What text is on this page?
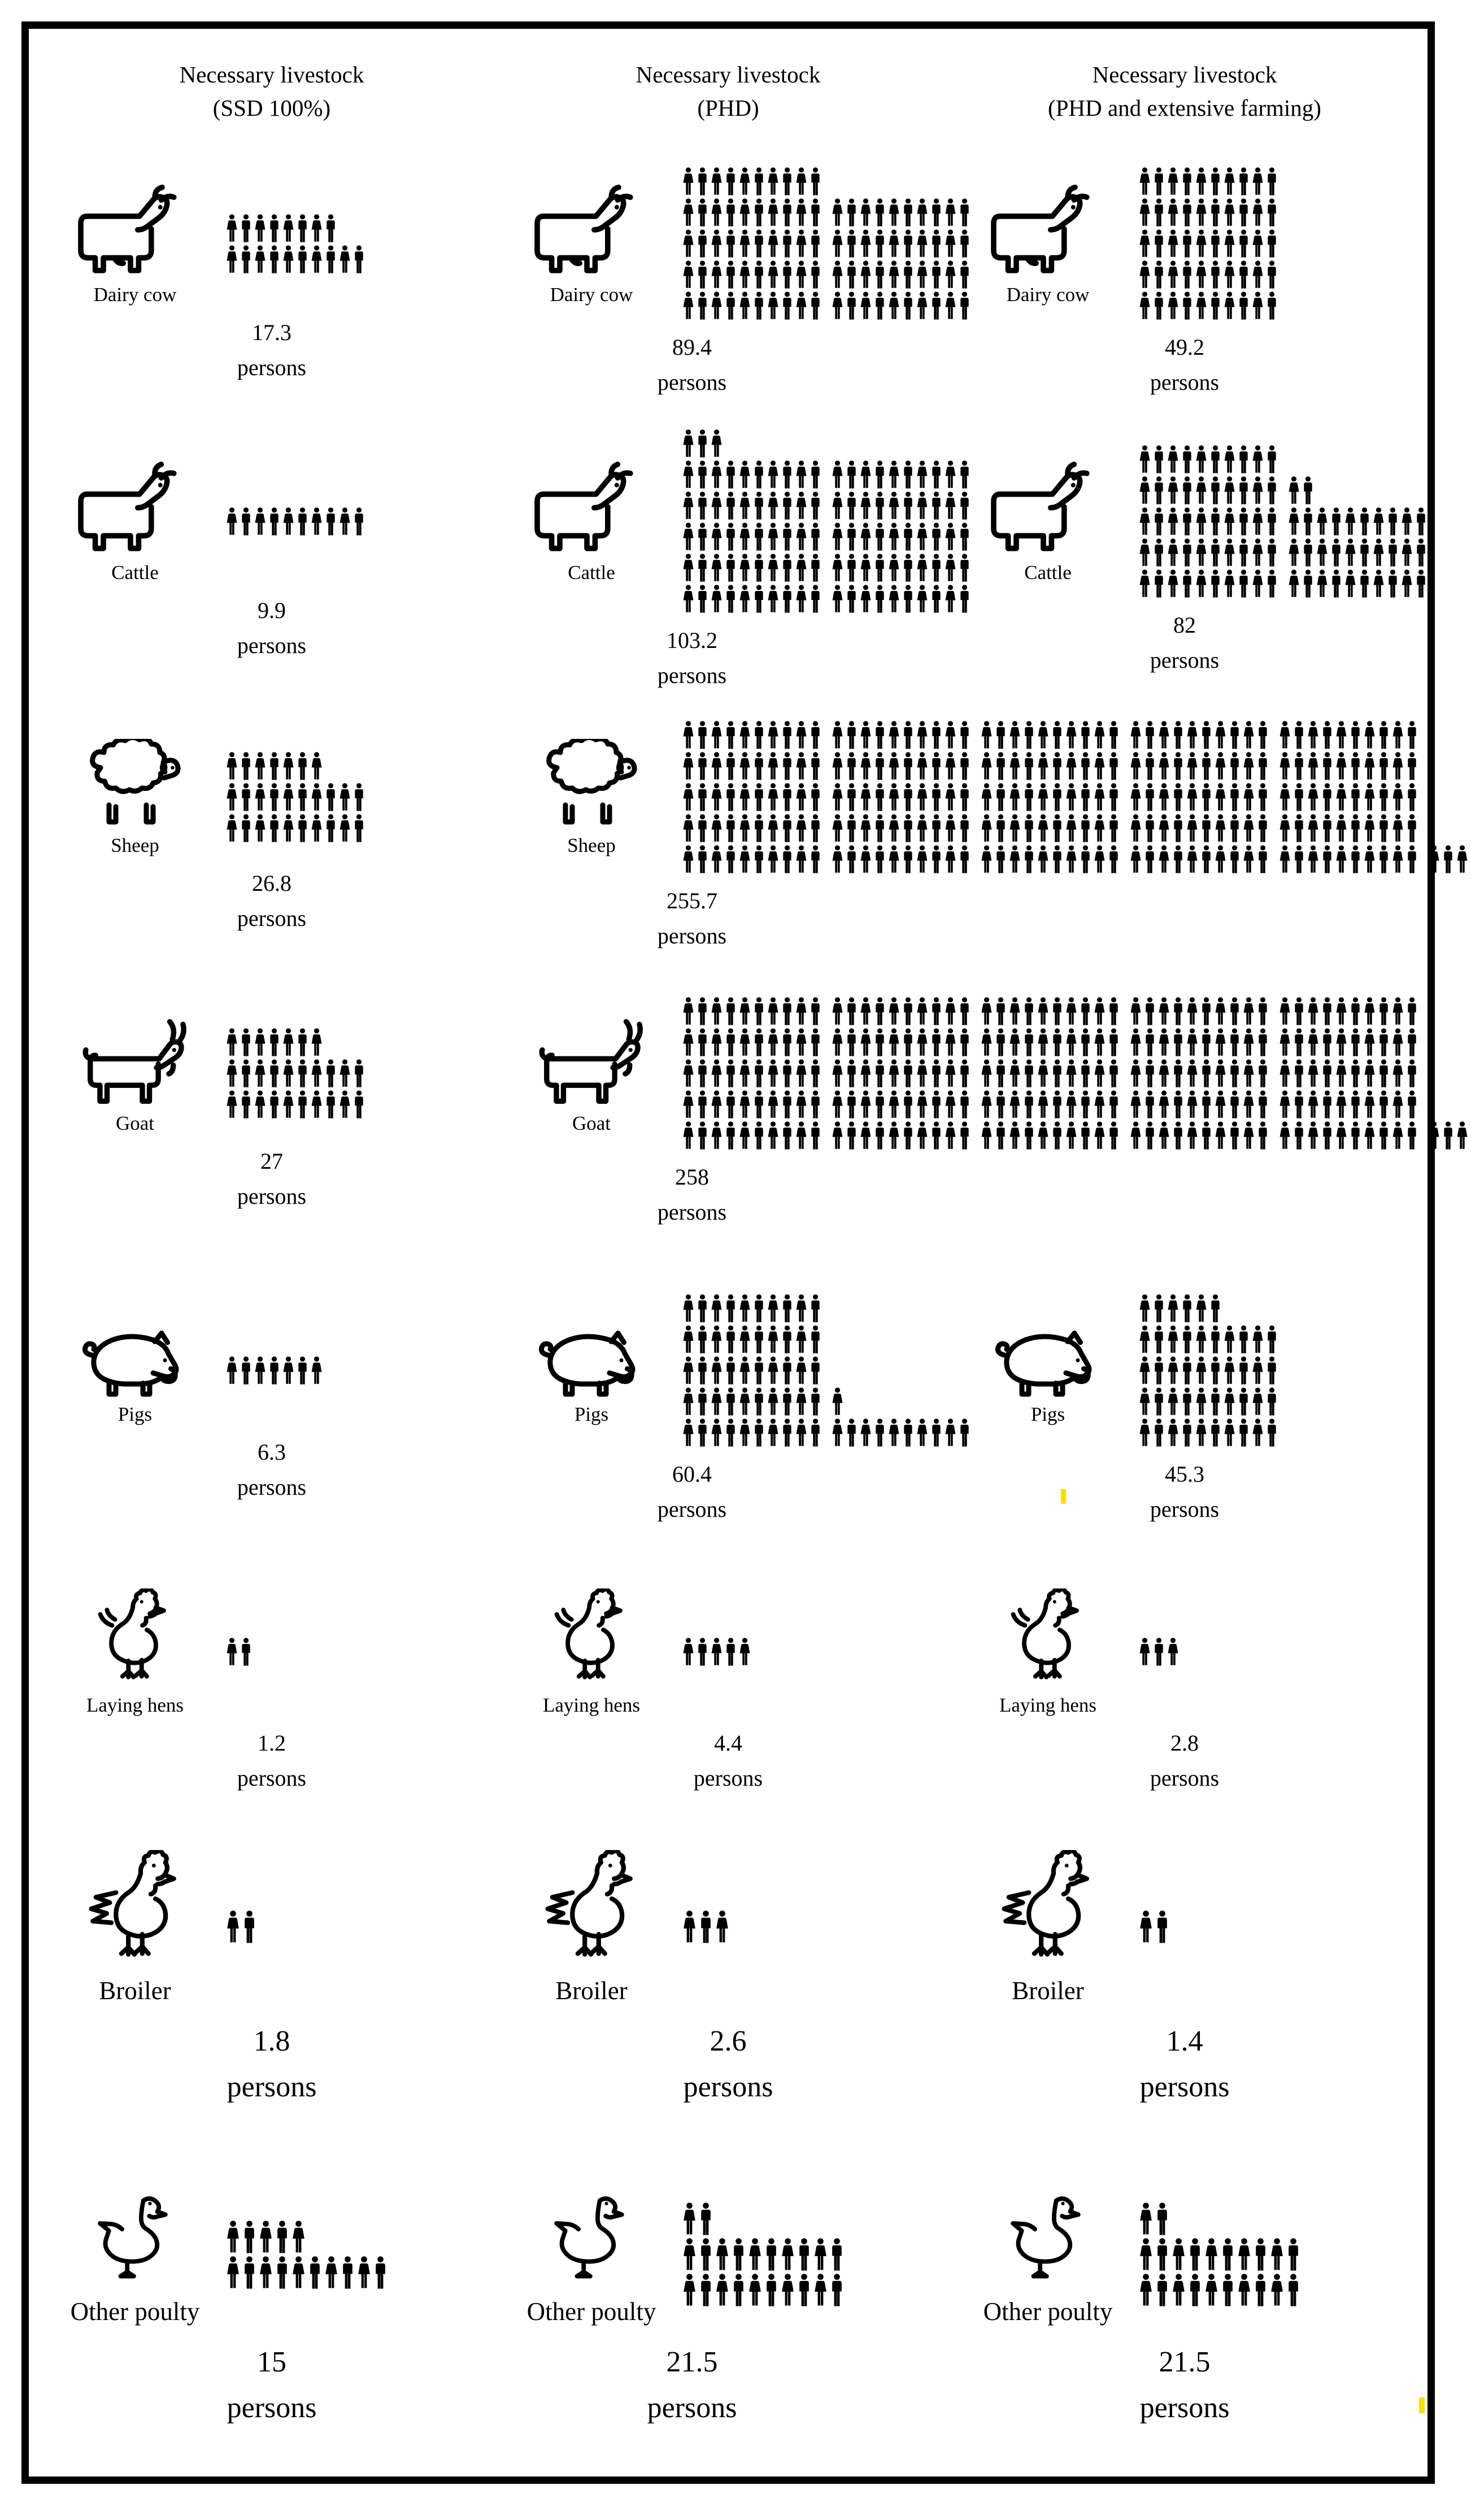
Necessary livestock
(SSD 100%)
Necessary livestock
(PHD)
Necessary livestock
(PHD and extensive farming)
Dairy cow
17.3
persons
Dairy cow
89.4
persons
Dairy cow
49.2
persons
Cattle
9.9
persons
Cattle
103.2
persons
Cattle
82
persons
Sheep
26.8
persons
Sheep
255.7
persons
Goat
27
persons
Goat
258
persons
Pigs
6.3
persons
Pigs
60.4
persons
Pigs
45.3
persons
Laying hens
1.2
persons
Laying hens
4.4
persons
Laying hens
2.8
persons
Broiler
1.8
persons
Broiler
2.6
persons
Broiler
1.4
persons
Other poulty
15
persons
Other poulty
21.5
persons
Other poulty
21.5
persons
